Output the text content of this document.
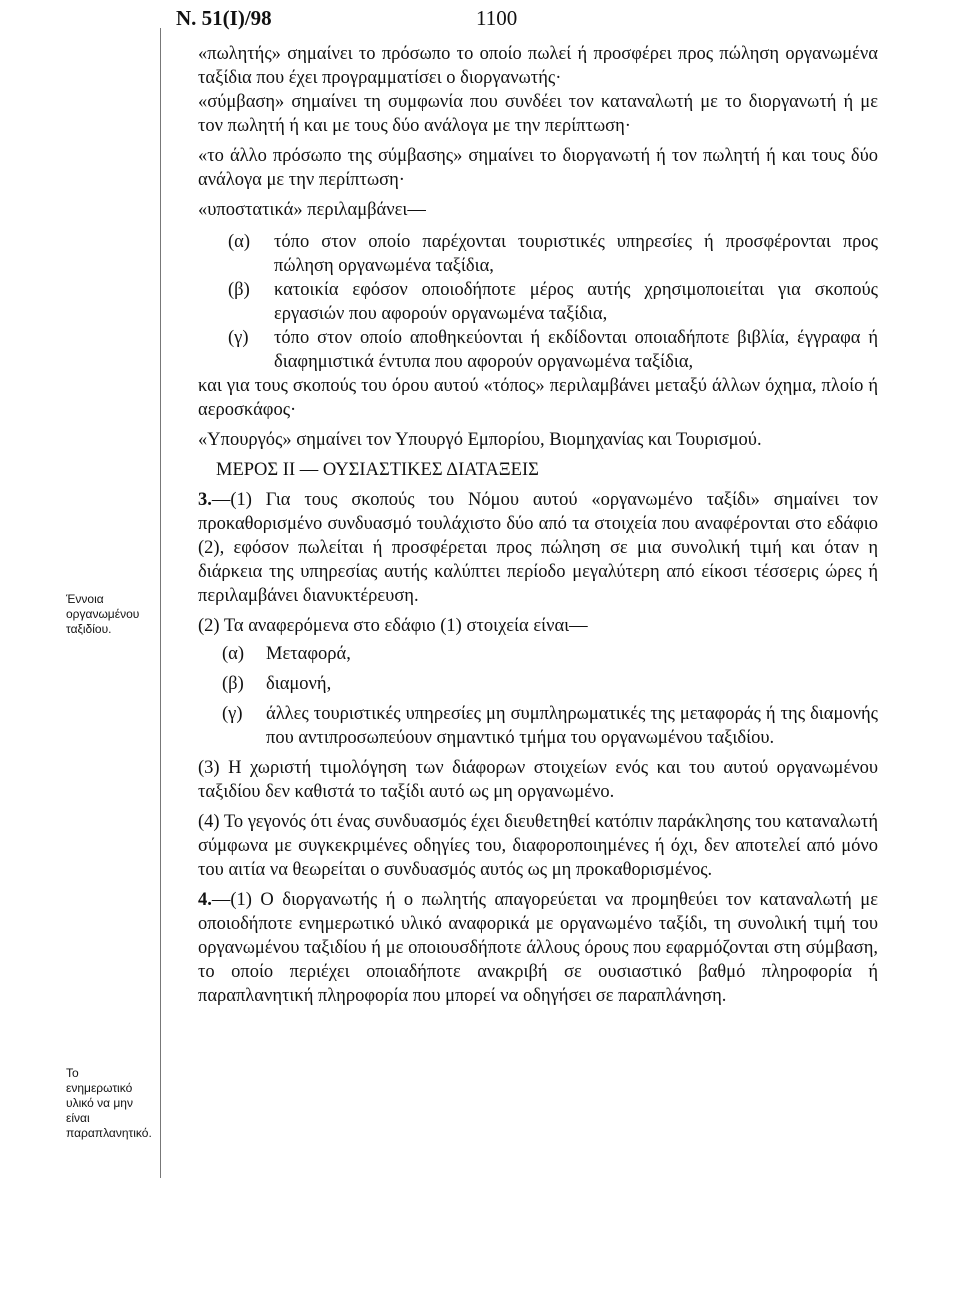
N. 51(I)/98	1100
Έννοια οργανωμένου ταξιδίου.
Το ενημερωτικό υλικό να μην είναι παραπλανητικό.

«πωλητής» σημαίνει το πρόσωπο το οποίο πωλεί ή προσφέρει προς πώληση οργανωμένα ταξίδια που έχει προγραμματίσει ο διοργανωτής·

«σύμβαση» σημαίνει τη συμφωνία που συνδέει τον καταναλωτή με το διοργανωτή ή με τον πωλητή ή και με τους δύο ανάλογα με την περίπτωση·

«το άλλο πρόσωπο της σύμβασης» σημαίνει το διοργανωτή ή τον πωλητή ή και τους δύο ανάλογα με την περίπτωση·

«υποστατικά» περιλαμβάνει—

(α)	τόπο στον οποίο παρέχονται τουριστικές υπηρεσίες ή προσφέρονται προς πώληση οργανωμένα ταξίδια,
(β)	κατοικία εφόσον οποιοδήποτε μέρος αυτής χρησιμοποιείται για σκοπούς εργασιών που αφορούν οργανωμένα ταξίδια,
(γ)	τόπο στον οποίο αποθηκεύονται ή εκδίδονται οποιαδήποτε βιβλία, έγγραφα ή διαφημιστικά έντυπα που αφορούν οργανωμένα ταξίδια,

και για τους σκοπούς του όρου αυτού «τόπος» περιλαμβάνει μεταξύ άλλων όχημα, πλοίο ή αεροσκάφος·

«Υπουργός» σημαίνει τον Υπουργό Εμπορίου, Βιομηχανίας και Τουρισμού.

ΜΕΡΟΣ ΙΙ — ΟΥΣΙΑΣΤΙΚΕΣ ΔΙΑΤΑΞΕΙΣ

3.—(1) Για τους σκοπούς του Νόμου αυτού «οργανωμένο ταξίδι» σημαίνει τον προκαθορισμένο συνδυασμό τουλάχιστο δύο από τα στοιχεία που αναφέρονται στο εδάφιο (2), εφόσον πωλείται ή προσφέρεται προς πώληση σε μια συνολική τιμή και όταν η διάρκεια της υπηρεσίας αυτής καλύπτει περίοδο μεγαλύτερη από είκοσι τέσσερις ώρες ή περιλαμβάνει διανυκτέρευση.

(2) Τα αναφερόμενα στο εδάφιο (1) στοιχεία είναι—

(α)	Μεταφορά,
(β)	διαμονή,
(γ)	άλλες τουριστικές υπηρεσίες μη συμπληρωματικές της μεταφοράς ή της διαμονής που αντιπροσωπεύουν σημαντικό τμήμα του οργανωμένου ταξιδίου.

(3) Η χωριστή τιμολόγηση των διάφορων στοιχείων ενός και του αυτού οργανωμένου ταξιδίου δεν καθιστά το ταξίδι αυτό ως μη οργανωμένο.

(4) Το γεγονός ότι ένας συνδυασμός έχει διευθετηθεί κατόπιν παράκλησης του καταναλωτή σύμφωνα με συγκεκριμένες οδηγίες του, διαφοροποιημένες ή όχι, δεν αποτελεί από μόνο του αιτία να θεωρείται ο συνδυασμός αυτός ως μη προκαθορισμένος.

4.—(1) Ο διοργανωτής ή ο πωλητής απαγορεύεται να προμηθεύει τον καταναλωτή με οποιοδήποτε ενημερωτικό υλικό αναφορικά με οργανωμένο ταξίδι, τη συνολική τιμή του οργανωμένου ταξιδίου ή με οποιουσδήποτε άλλους όρους που εφαρμόζονται στη σύμβαση, το οποίο περιέχει οποιαδήποτε ανακριβή σε ουσιαστικό βαθμό πληροφορία ή παραπλανητική πληροφορία που μπορεί να οδηγήσει σε παραπλάνηση.
